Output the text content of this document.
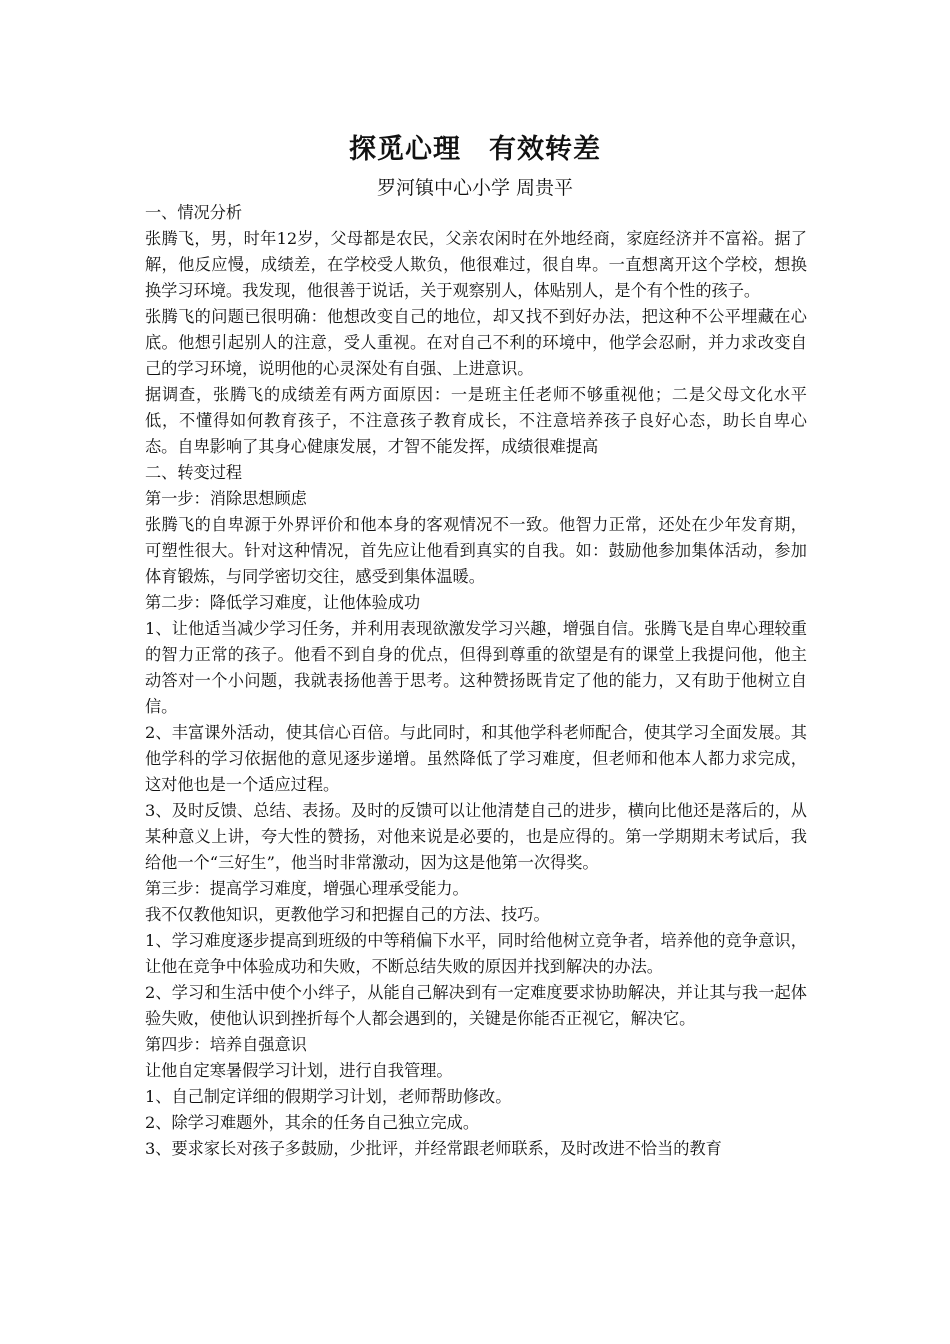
探觅心理　有效转差
罗河镇中心小学 周贵平

一、情况分析

张腾飞，男，时年12岁，父母都是农民，父亲农闲时在外地经商，家庭经济并不富裕。据了解，他反应慢，成绩差，在学校受人欺负，他很难过，很自卑。一直想离开这个学校，想换换学习环境。我发现，他很善于说话，关于观察别人，体贴别人，是个有个性的孩子。

张腾飞的问题已很明确：他想改变自己的地位，却又找不到好办法，把这种不公平埋藏在心底。他想引起别人的注意，受人重视。在对自己不利的环境中，他学会忍耐，并力求改变自己的学习环境，说明他的心灵深处有自强、上进意识。

据调查，张腾飞的成绩差有两方面原因：一是班主任老师不够重视他；二是父母文化水平低，不懂得如何教育孩子，不注意孩子教育成长，不注意培养孩子良好心态，助长自卑心态。自卑影响了其身心健康发展，才智不能发挥，成绩很难提高

二、转变过程

第一步：消除思想顾虑

张腾飞的自卑源于外界评价和他本身的客观情况不一致。他智力正常，还处在少年发育期，可塑性很大。针对这种情况，首先应让他看到真实的自我。如：鼓励他参加集体活动，参加体育锻炼，与同学密切交往，感受到集体温暖。

第二步：降低学习难度，让他体验成功

1、让他适当减少学习任务，并利用表现欲激发学习兴趣，增强自信。张腾飞是自卑心理较重的智力正常的孩子。他看不到自身的优点，但得到尊重的欲望是有的课堂上我提问他，他主动答对一个小问题，我就表扬他善于思考。这种赞扬既肯定了他的能力，又有助于他树立自信。

2、丰富课外活动，使其信心百倍。与此同时，和其他学科老师配合，使其学习全面发展。其他学科的学习依据他的意见逐步递增。虽然降低了学习难度，但老师和他本人都力求完成，这对他也是一个适应过程。

3、及时反馈、总结、表扬。及时的反馈可以让他清楚自己的进步，横向比他还是落后的，从某种意义上讲，夸大性的赞扬，对他来说是必要的，也是应得的。第一学期期末考试后，我给他一个“三好生”，他当时非常激动，因为这是他第一次得奖。

第三步：提高学习难度，增强心理承受能力。

我不仅教他知识，更教他学习和把握自己的方法、技巧。

1、学习难度逐步提高到班级的中等稍偏下水平，同时给他树立竞争者，培养他的竞争意识，让他在竞争中体验成功和失败，不断总结失败的原因并找到解决的办法。

2、学习和生活中使个小绊子，从能自己解决到有一定难度要求协助解决，并让其与我一起体验失败，使他认识到挫折每个人都会遇到的，关键是你能否正视它，解决它。

第四步：培养自强意识

让他自定寒暑假学习计划，进行自我管理。

1、自己制定详细的假期学习计划，老师帮助修改。

2、除学习难题外，其余的任务自己独立完成。

3、要求家长对孩子多鼓励，少批评，并经常跟老师联系，及时改进不恰当的教育
